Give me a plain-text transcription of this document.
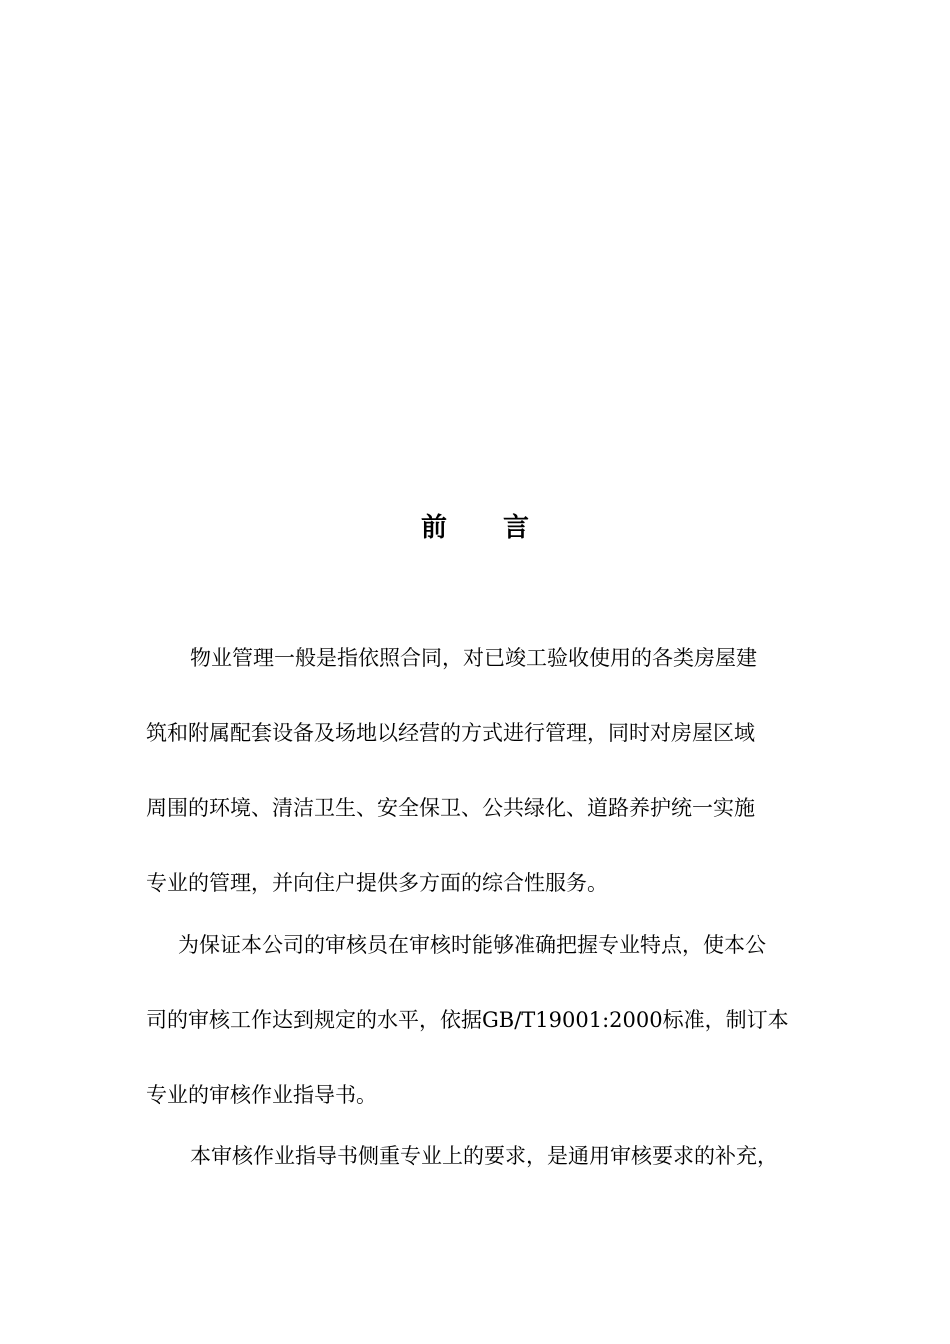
前言
物业管理一般是指依照合同，对已竣工验收使用的各类房屋建
筑和附属配套设备及场地以经营的方式进行管理，同时对房屋区域
周围的环境、清洁卫生、安全保卫、公共绿化、道路养护统一实施
专业的管理，并向住户提供多方面的综合性服务。
为保证本公司的审核员在审核时能够准确把握专业特点，使本公
司的审核工作达到规定的水平，依据GB/T19001:2000标准，制订本
专业的审核作业指导书。
本审核作业指导书侧重专业上的要求，是通用审核要求的补充，
